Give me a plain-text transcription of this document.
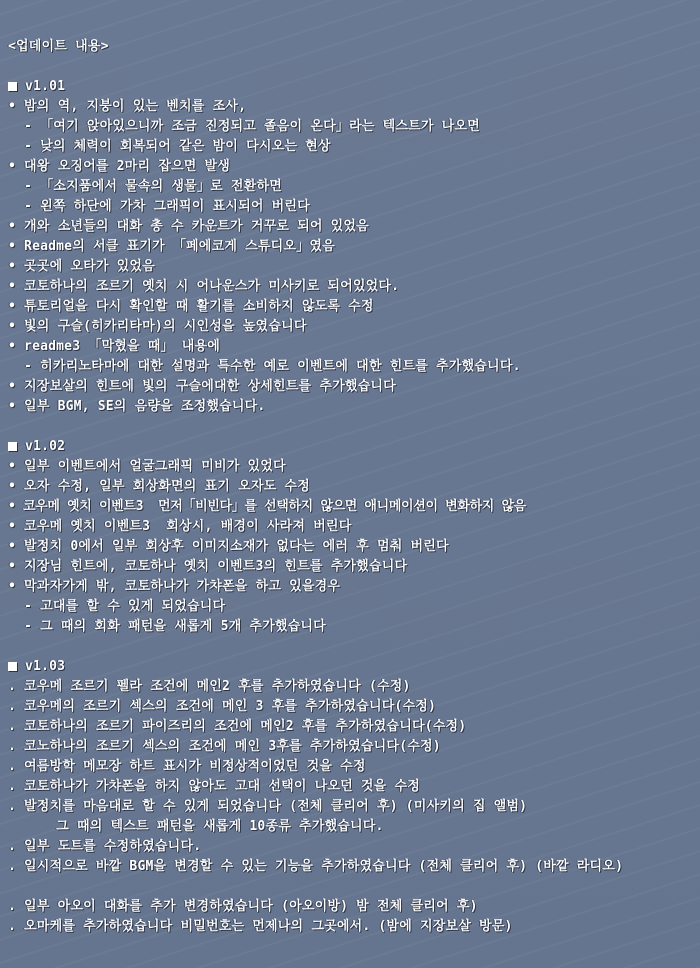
<업데이트 내용>
v1.01
• 밤의 역, 지붕이 있는 벤치를 조사,
- 「여기 앉아있으니까 조금 진정되고 졸음이 온다」라는 텍스트가 나오면
- 낮의 체력이 회복되어 같은 밤이 다시오는 현상
• 대왕 오징어를 2마리 잡으면 발생
- 「소지품에서 물속의 생물」로 전환하면
- 왼쪽 하단에 가차 그래픽이 표시되어 버린다
• 개와 소년들의 대화 총 수 카운트가 거꾸로 되어 있었음
• Readme의 서클 표기가 「페에코게 스튜디오」였음
• 곳곳에 오타가 있었음
• 코토하나의 조르기 옛치 시 어나운스가 미사키로 되어있었다.
• 튜토리얼을 다시 확인할 때 활기를 소비하지 않도록 수정
• 빛의 구슬(히카리타마)의 시인성을 높였습니다
• readme3 「막혔을 때」 내용에
- 히카리노타마에 대한 설명과 특수한 예로 이벤트에 대한 힌트를 추가했습니다.
• 지장보살의 힌트에 빛의 구슬에대한 상세힌트를 추가했습니다
• 일부 BGM, SE의 음량을 조정했습니다.
v1.02
• 일부 이벤트에서 얼굴그래픽 미비가 있었다
• 오자 수정, 일부 회상화면의 표기 오자도 수정
• 코우메 옛치 이벤트3  먼저「비빈다」를 선택하지 않으면 애니메이션이 변화하지 않음
• 코우메 옛치 이벤트3  회상시, 배경이 사라져 버린다
• 발정치 0에서 일부 회상후 이미지소재가 없다는 에러 후 멈춰 버린다
• 지장님 힌트에, 코토하나 옛치 이벤트3의 힌트를 추가했습니다
• 막과자가게 밖, 코토하나가 가챠폰을 하고 있을경우
- 고대를 할 수 있게 되었습니다
- 그 때의 회화 패턴을 새롭게 5개 추가했습니다
v1.03
. 코우메 조르기 펠라 조건에 메인2 후를 추가하였습니다 (수정)
. 코우메의 조르기 섹스의 조건에 메인 3 후를 추가하였습니다(수정)
. 코토하나의 조르기 파이즈리의 조건에 메인2 후를 추가하였습니다(수정)
. 코노하나의 조르기 섹스의 조건에 메인 3후를 추가하였습니다(수정)
. 여름방학 메모장 하트 표시가 비정상적이었던 것을 수정
. 코토하나가 가챠폰을 하지 않아도 고대 선택이 나오던 것을 수정
. 발정치를 마음대로 할 수 있게 되었습니다 (전체 클리어 후) (미사키의 집 앨범)
그 때의 텍스트 패턴을 새롭게 10종류 추가했습니다.
. 일부 도트를 수정하였습니다.
. 일시적으로 바깥 BGM을 변경할 수 있는 기능을 추가하였습니다 (전체 클리어 후) (바깥 라디오)
. 일부 아오이 대화를 추가 변경하였습니다 (아오이방) 밤 전체 클리어 후)
. 오마케를 추가하였습니다 비밀번호는 먼제나의 그곳에서. (밤에 지장보살 방문)
